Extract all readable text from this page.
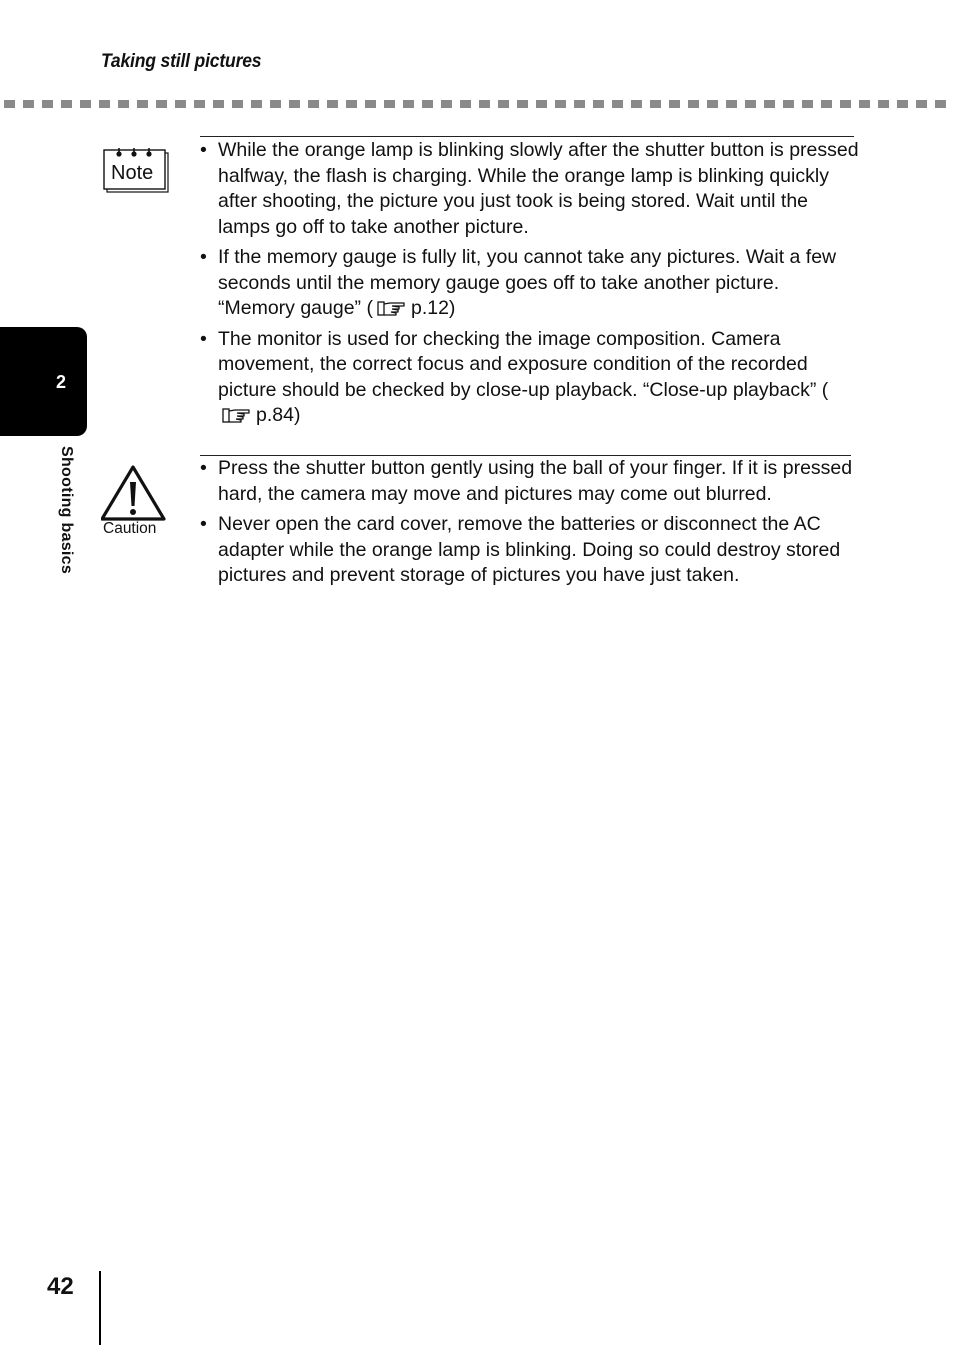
Taking still pictures
2
Shooting basics
Note
• While the orange lamp is blinking slowly after the shutter button is pressed halfway, the flash is charging. While the orange lamp is blinking quickly after shooting, the picture you just took is being stored. Wait until the lamps go off to take another picture.
• If the memory gauge is fully lit, you cannot take any pictures. Wait a few seconds until the memory gauge goes off to take another picture. “Memory gauge” ( p.12)
• The monitor is used for checking the image composition. Camera movement, the correct focus and exposure condition of the recorded picture should be checked by close-up playback. “Close-up playback” (p.84)
Caution
• Press the shutter button gently using the ball of your finger. If it is pressed hard, the camera may move and pictures may come out blurred.
• Never open the card cover, remove the batteries or disconnect the AC adapter while the orange lamp is blinking. Doing so could destroy stored pictures and prevent storage of pictures you have just taken.
42
